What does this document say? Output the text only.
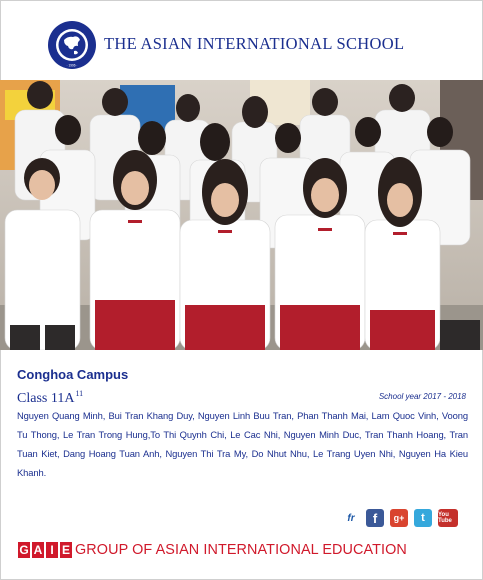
· 1996 ·
THE ASIAN INTERNATIONAL SCHOOL
Conghoa Campus
Class $11A^{11}$	School year 2017 - 2018
Nguyen Quang Minh, Bui Tran Khang Duy, Nguyen Linh Buu Tran, Phan Thanh Mai, Lam Quoc Vinh, Voong Tu Thong, Le Tran Trong Hung,To Thi Quynh Chi, Le Cac Nhi, Nguyen Minh Duc, Tran Thanh Hoang, Tran Tuan Kiet, Dang Hoang Tuan Anh, Nguyen Thi Tra My, Do Nhut Nhu, Le Trang Uyen Nhi, Nguyen Ha Kieu Khanh.
fr	f	g+	t	You Tube
G A I E GROUP OF ASIAN INTERNATIONAL EDUCATION
